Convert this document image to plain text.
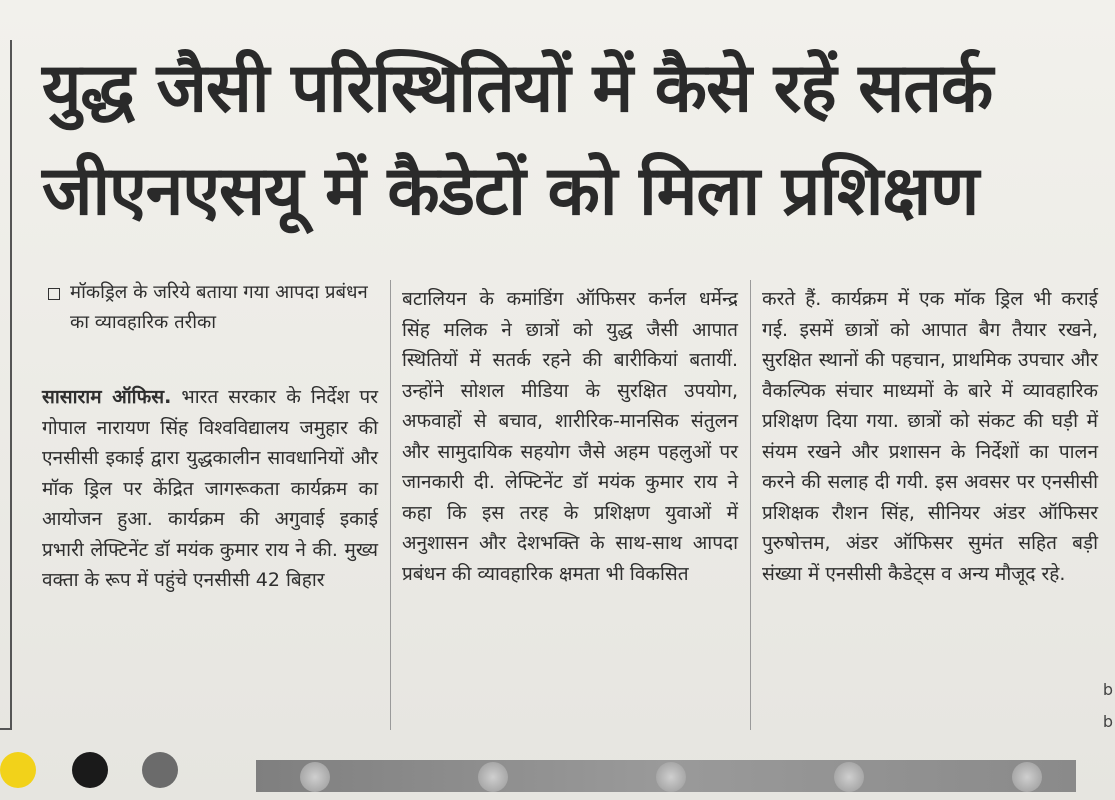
युद्ध जैसी परिस्थितियों में कैसे रहें सतर्क
जीएनएसयू में कैडेटों को मिला प्रशिक्षण
मॉकड्रिल के जरिये बताया गया आपदा प्रबंधन का व्यावहारिक तरीका

सासाराम ऑफिस. भारत सरकार के निर्देश पर गोपाल नारायण सिंह विश्वविद्यालय जमुहार की एनसीसी इकाई द्वारा युद्धकालीन सावधानियों और मॉक ड्रिल पर केंद्रित जागरूकता कार्यक्रम का आयोजन हुआ. कार्यक्रम की अगुवाई इकाई प्रभारी लेफ्टिनेंट डॉ मयंक कुमार राय ने की. मुख्य वक्ता के रूप में पहुंचे एनसीसी 42 बिहार

बटालियन के कमांडिंग ऑफिसर कर्नल धर्मेन्द्र सिंह मलिक ने छात्रों को युद्ध जैसी आपात स्थितियों में सतर्क रहने की बारीकियां बतायीं. उन्होंने सोशल मीडिया के सुरक्षित उपयोग, अफवाहों से बचाव, शारीरिक-मानसिक संतुलन और सामुदायिक सहयोग जैसे अहम पहलुओं पर जानकारी दी. लेफ्टिनेंट डॉ मयंक कुमार राय ने कहा कि इस तरह के प्रशिक्षण युवाओं में अनुशासन और देशभक्ति के साथ-साथ आपदा प्रबंधन की व्यावहारिक क्षमता भी विकसित

करते हैं. कार्यक्रम में एक मॉक ड्रिल भी कराई गई. इसमें छात्रों को आपात बैग तैयार रखने, सुरक्षित स्थानों की पहचान, प्राथमिक उपचार और वैकल्पिक संचार माध्यमों के बारे में व्यावहारिक प्रशिक्षण दिया गया. छात्रों को संकट की घड़ी में संयम रखने और प्रशासन के निर्देशों का पालन करने की सलाह दी गयी. इस अवसर पर एनसीसी प्रशिक्षक रौशन सिंह, सीनियर अंडर ऑफिसर पुरुषोत्तम, अंडर ऑफिसर सुमंत सहित बड़ी संख्या में एनसीसी कैडेट्स व अन्य मौजूद रहे.

b
b
